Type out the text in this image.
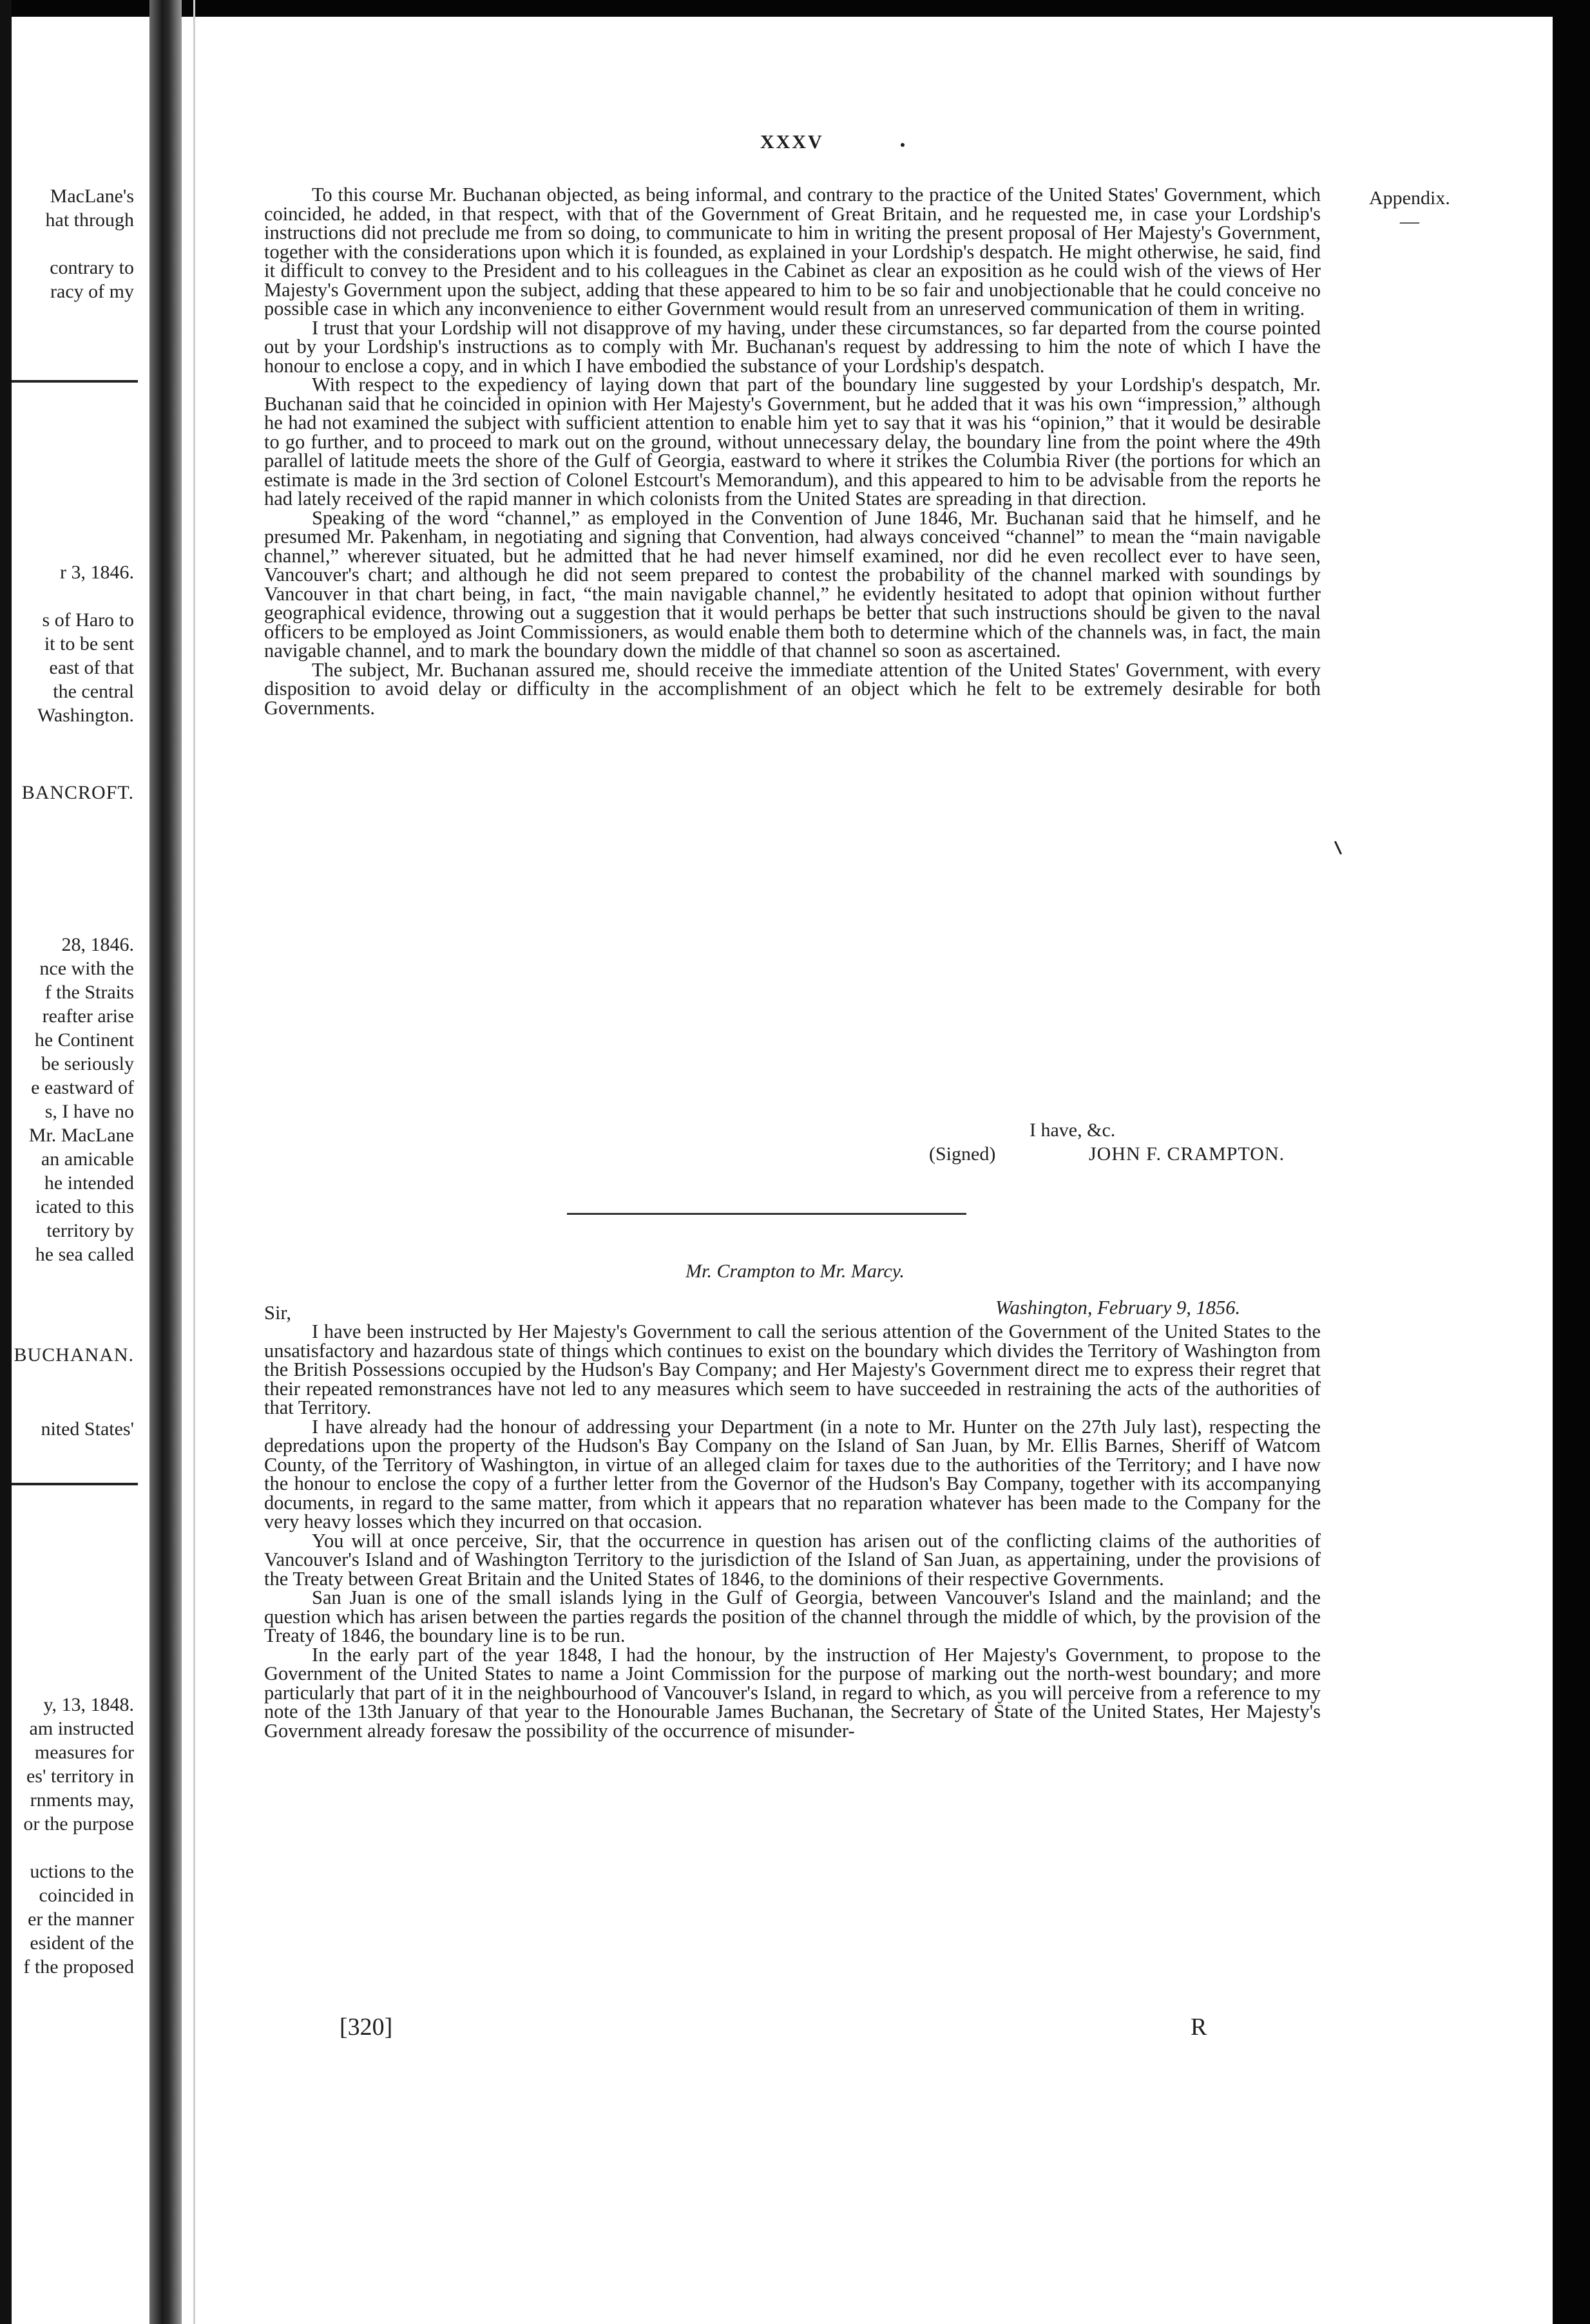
MacLane's
hat through

contrary to
racy of my
r 3, 1846.

s of Haro to
it to be sent
east of that
the central
Washington.
BANCROFT.
28, 1846.
nce with the
f the Straits
reafter arise
he Continent
be seriously
e eastward of
s, I have no
Mr. MacLane
an amicable
he intended
icated to this
territory by
he sea called
BUCHANAN.
nited States'
y, 13, 1848.
am instructed
measures for
es' territory in
rnments may,
or the purpose

uctions to the
coincided in
er the manner
esident of the
f the proposed
XXXV
Appendix.
—

To this course Mr. Buchanan objected, as being informal, and contrary to the practice of the United States' Government, which coincided, he added, in that respect, with that of the Government of Great Britain, and he requested me, in case your Lordship's instructions did not preclude me from so doing, to communicate to him in writing the present proposal of Her Majesty's Government, together with the considerations upon which it is founded, as explained in your Lordship's despatch. He might otherwise, he said, find it difficult to convey to the President and to his colleagues in the Cabinet as clear an exposition as he could wish of the views of Her Majesty's Government upon the subject, adding that these appeared to him to be so fair and unobjectionable that he could conceive no possible case in which any inconvenience to either Government would result from an unreserved communication of them in writing.

I trust that your Lordship will not disapprove of my having, under these circumstances, so far departed from the course pointed out by your Lordship's instructions as to comply with Mr. Buchanan's request by addressing to him the note of which I have the honour to enclose a copy, and in which I have embodied the substance of your Lordship's despatch.

With respect to the expediency of laying down that part of the boundary line suggested by your Lordship's despatch, Mr. Buchanan said that he coincided in opinion with Her Majesty's Government, but he added that it was his own “impression,” although he had not examined the subject with sufficient attention to enable him yet to say that it was his “opinion,” that it would be desirable to go further, and to proceed to mark out on the ground, without unnecessary delay, the boundary line from the point where the 49th parallel of latitude meets the shore of the Gulf of Georgia, eastward to where it strikes the Columbia River (the portions for which an estimate is made in the 3rd section of Colonel Estcourt's Memorandum), and this appeared to him to be advisable from the reports he had lately received of the rapid manner in which colonists from the United States are spreading in that direction.

Speaking of the word “channel,” as employed in the Convention of June 1846, Mr. Buchanan said that he himself, and he presumed Mr. Pakenham, in negotiating and signing that Convention, had always conceived “channel” to mean the “main navigable channel,” wherever situated, but he admitted that he had never himself examined, nor did he even recollect ever to have seen, Vancouver's chart; and although he did not seem prepared to contest the probability of the channel marked with soundings by Vancouver in that chart being, in fact, “the main navigable channel,” he evidently hesitated to adopt that opinion without further geographical evidence, throwing out a suggestion that it would perhaps be better that such instructions should be given to the naval officers to be employed as Joint Commissioners, as would enable them both to determine which of the channels was, in fact, the main navigable channel, and to mark the boundary down the middle of that channel so soon as ascertained.

The subject, Mr. Buchanan assured me, should receive the immediate attention of the United States' Government, with every disposition to avoid delay or difficulty in the accomplishment of an object which he felt to be extremely desirable for both Governments.

I have, &c.
(Signed)	JOHN F. CRAMPTON.
Mr. Crampton to Mr. Marcy.
Sir,	Washington, February 9, 1856.

I have been instructed by Her Majesty's Government to call the serious attention of the Government of the United States to the unsatisfactory and hazardous state of things which continues to exist on the boundary which divides the Territory of Washington from the British Possessions occupied by the Hudson's Bay Company; and Her Majesty's Government direct me to express their regret that their repeated remonstrances have not led to any measures which seem to have succeeded in restraining the acts of the authorities of that Territory.

I have already had the honour of addressing your Department (in a note to Mr. Hunter on the 27th July last), respecting the depredations upon the property of the Hudson's Bay Company on the Island of San Juan, by Mr. Ellis Barnes, Sheriff of Watcom County, of the Territory of Washington, in virtue of an alleged claim for taxes due to the authorities of the Territory; and I have now the honour to enclose the copy of a further letter from the Governor of the Hudson's Bay Company, together with its accompanying documents, in regard to the same matter, from which it appears that no reparation whatever has been made to the Company for the very heavy losses which they incurred on that occasion.

You will at once perceive, Sir, that the occurrence in question has arisen out of the conflicting claims of the authorities of Vancouver's Island and of Washington Territory to the jurisdiction of the Island of San Juan, as appertaining, under the provisions of the Treaty between Great Britain and the United States of 1846, to the dominions of their respective Governments.

San Juan is one of the small islands lying in the Gulf of Georgia, between Vancouver's Island and the mainland; and the question which has arisen between the parties regards the position of the channel through the middle of which, by the provision of the Treaty of 1846, the boundary line is to be run.

In the early part of the year 1848, I had the honour, by the instruction of Her Majesty's Government, to propose to the Government of the United States to name a Joint Commission for the purpose of marking out the north-west boundary; and more particularly that part of it in the neighbourhood of Vancouver's Island, in regard to which, as you will perceive from a reference to my note of the 13th January of that year to the Honourable James Buchanan, the Secretary of State of the United States, Her Majesty's Government already foresaw the possibility of the occurrence of misunder-

[320]	R
